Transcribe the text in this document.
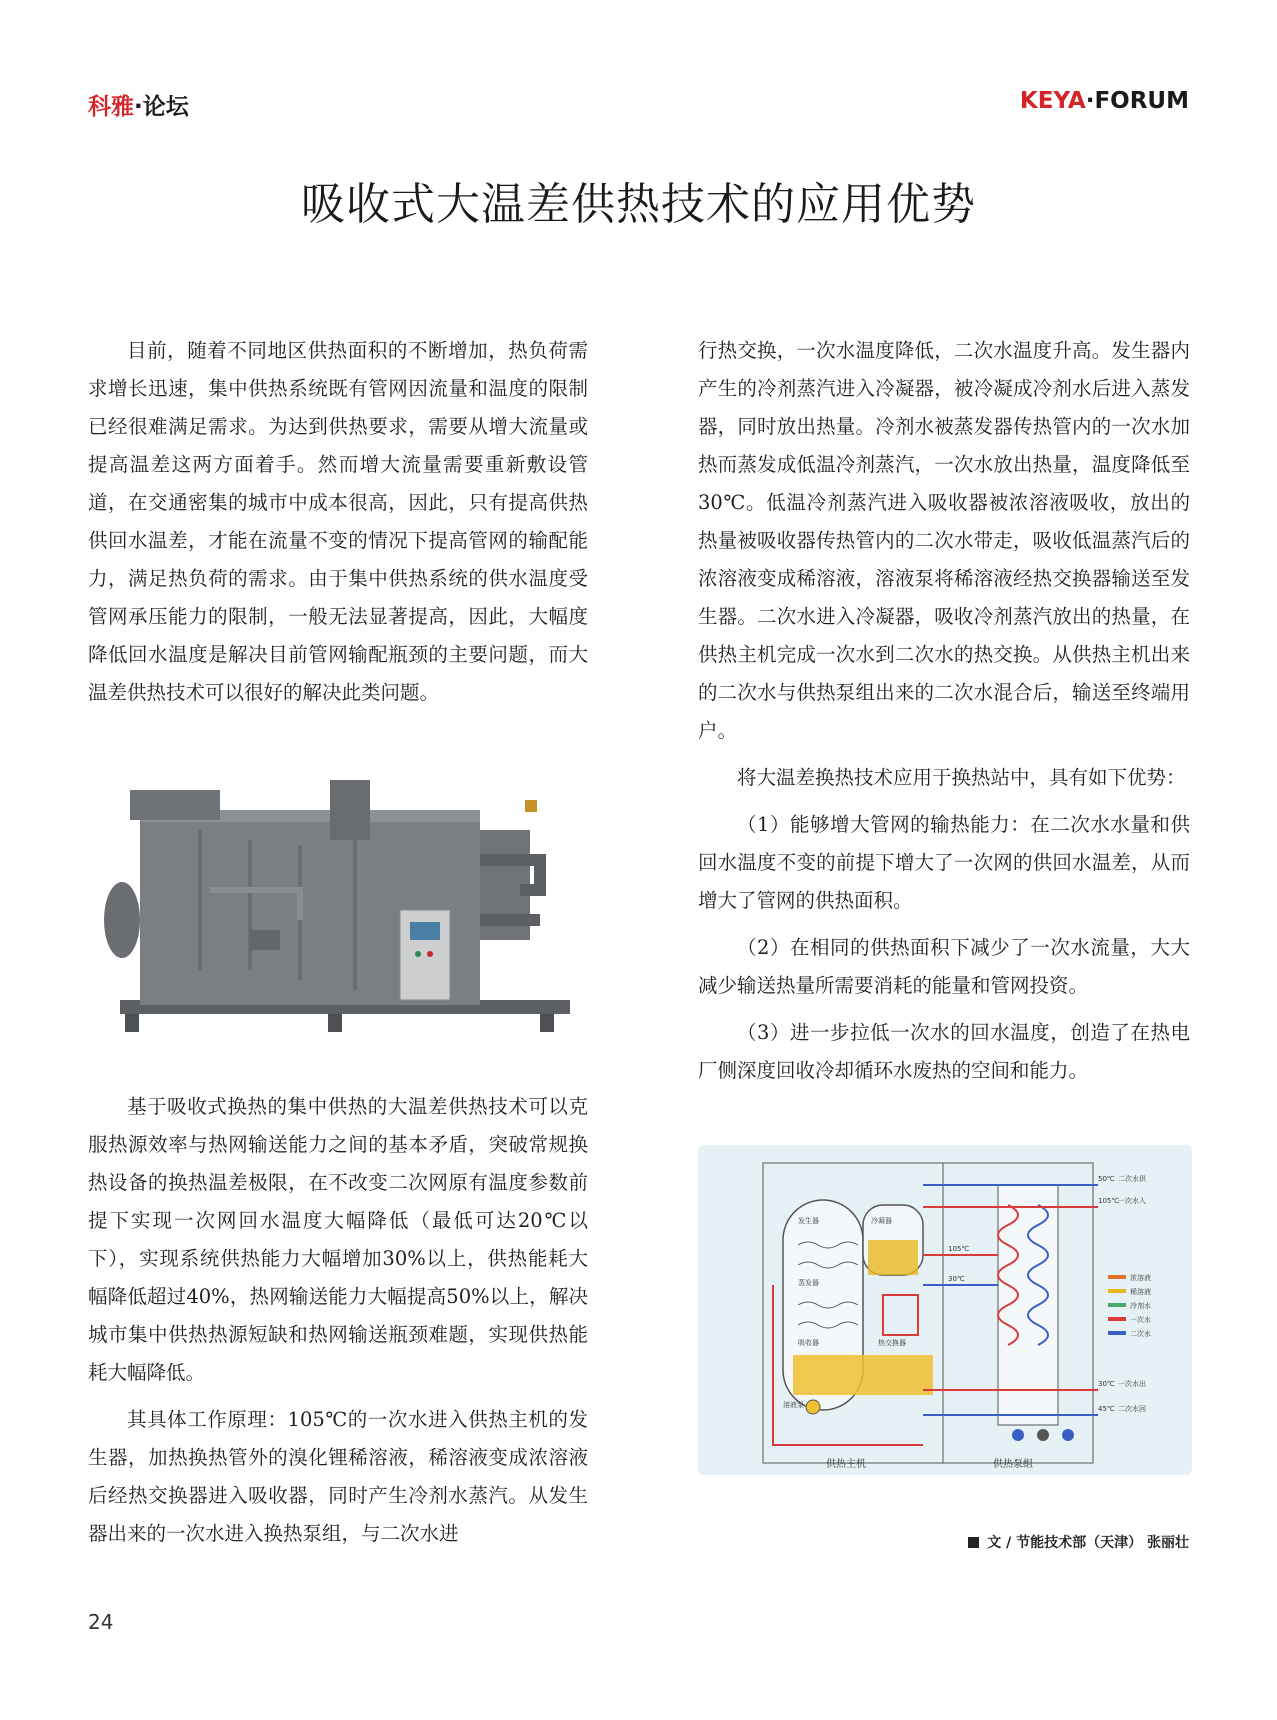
科雅·论坛	KEYA·FORUM
吸收式大温差供热技术的应用优势

目前，随着不同地区供热面积的不断增加，热负荷需求增长迅速，集中供热系统既有管网因流量和温度的限制已经很难满足需求。为达到供热要求，需要从增大流量或提高温差这两方面着手。然而增大流量需要重新敷设管道，在交通密集的城市中成本很高，因此，只有提高供热供回水温差，才能在流量不变的情况下提高管网的输配能力，满足热负荷的需求。由于集中供热系统的供水温度受管网承压能力的限制，一般无法显著提高，因此，大幅度降低回水温度是解决目前管网输配瓶颈的主要问题，而大温差供热技术可以很好的解决此类问题。

基于吸收式换热的集中供热的大温差供热技术可以克服热源效率与热网输送能力之间的基本矛盾，突破常规换热设备的换热温差极限，在不改变二次网原有温度参数前提下实现一次网回水温度大幅降低（最低可达20℃以下），实现系统供热能力大幅增加30%以上，供热能耗大幅降低超过40%，热网输送能力大幅提高50%以上，解决城市集中供热热源短缺和热网输送瓶颈难题，实现供热能耗大幅降低。

其具体工作原理：105℃的一次水进入供热主机的发生器，加热换热管外的溴化锂稀溶液，稀溶液变成浓溶液后经热交换器进入吸收器，同时产生冷剂水蒸汽。从发生器出来的一次水进入换热泵组，与二次水进

行热交换，一次水温度降低，二次水温度升高。发生器内产生的冷剂蒸汽进入冷凝器，被冷凝成冷剂水后进入蒸发器，同时放出热量。冷剂水被蒸发器传热管内的一次水加热而蒸发成低温冷剂蒸汽，一次水放出热量，温度降低至30℃。低温冷剂蒸汽进入吸收器被浓溶液吸收，放出的热量被吸收器传热管内的二次水带走，吸收低温蒸汽后的浓溶液变成稀溶液，溶液泵将稀溶液经热交换器输送至发生器。二次水进入冷凝器，吸收冷剂蒸汽放出的热量，在供热主机完成一次水到二次水的热交换。从供热主机出来的二次水与供热泵组出来的二次水混合后，输送至终端用户。

将大温差换热技术应用于换热站中，具有如下优势：

（1）能够增大管网的输热能力：在二次水水量和供回水温度不变的前提下增大了一次网的供回水温差，从而增大了管网的供热面积。

（2）在相同的供热面积下减少了一次水流量，大大减少输送热量所需要消耗的能量和管网投资。

（3）进一步拉低一次水的回水温度，创造了在热电厂侧深度回收冷却循环水废热的空间和能力。

发生器	冷凝器
蒸发器
吸收器	热交换器
溶液泵
50℃
105℃
105℃
30℃
30℃
45℃
二次水供
一次水入
一次水出
二次水回
浓溶液
稀溶液
冷剂水
一次水
二次水
供热主机	供热泵组
文 / 节能技术部（天津） 张丽壮
24
